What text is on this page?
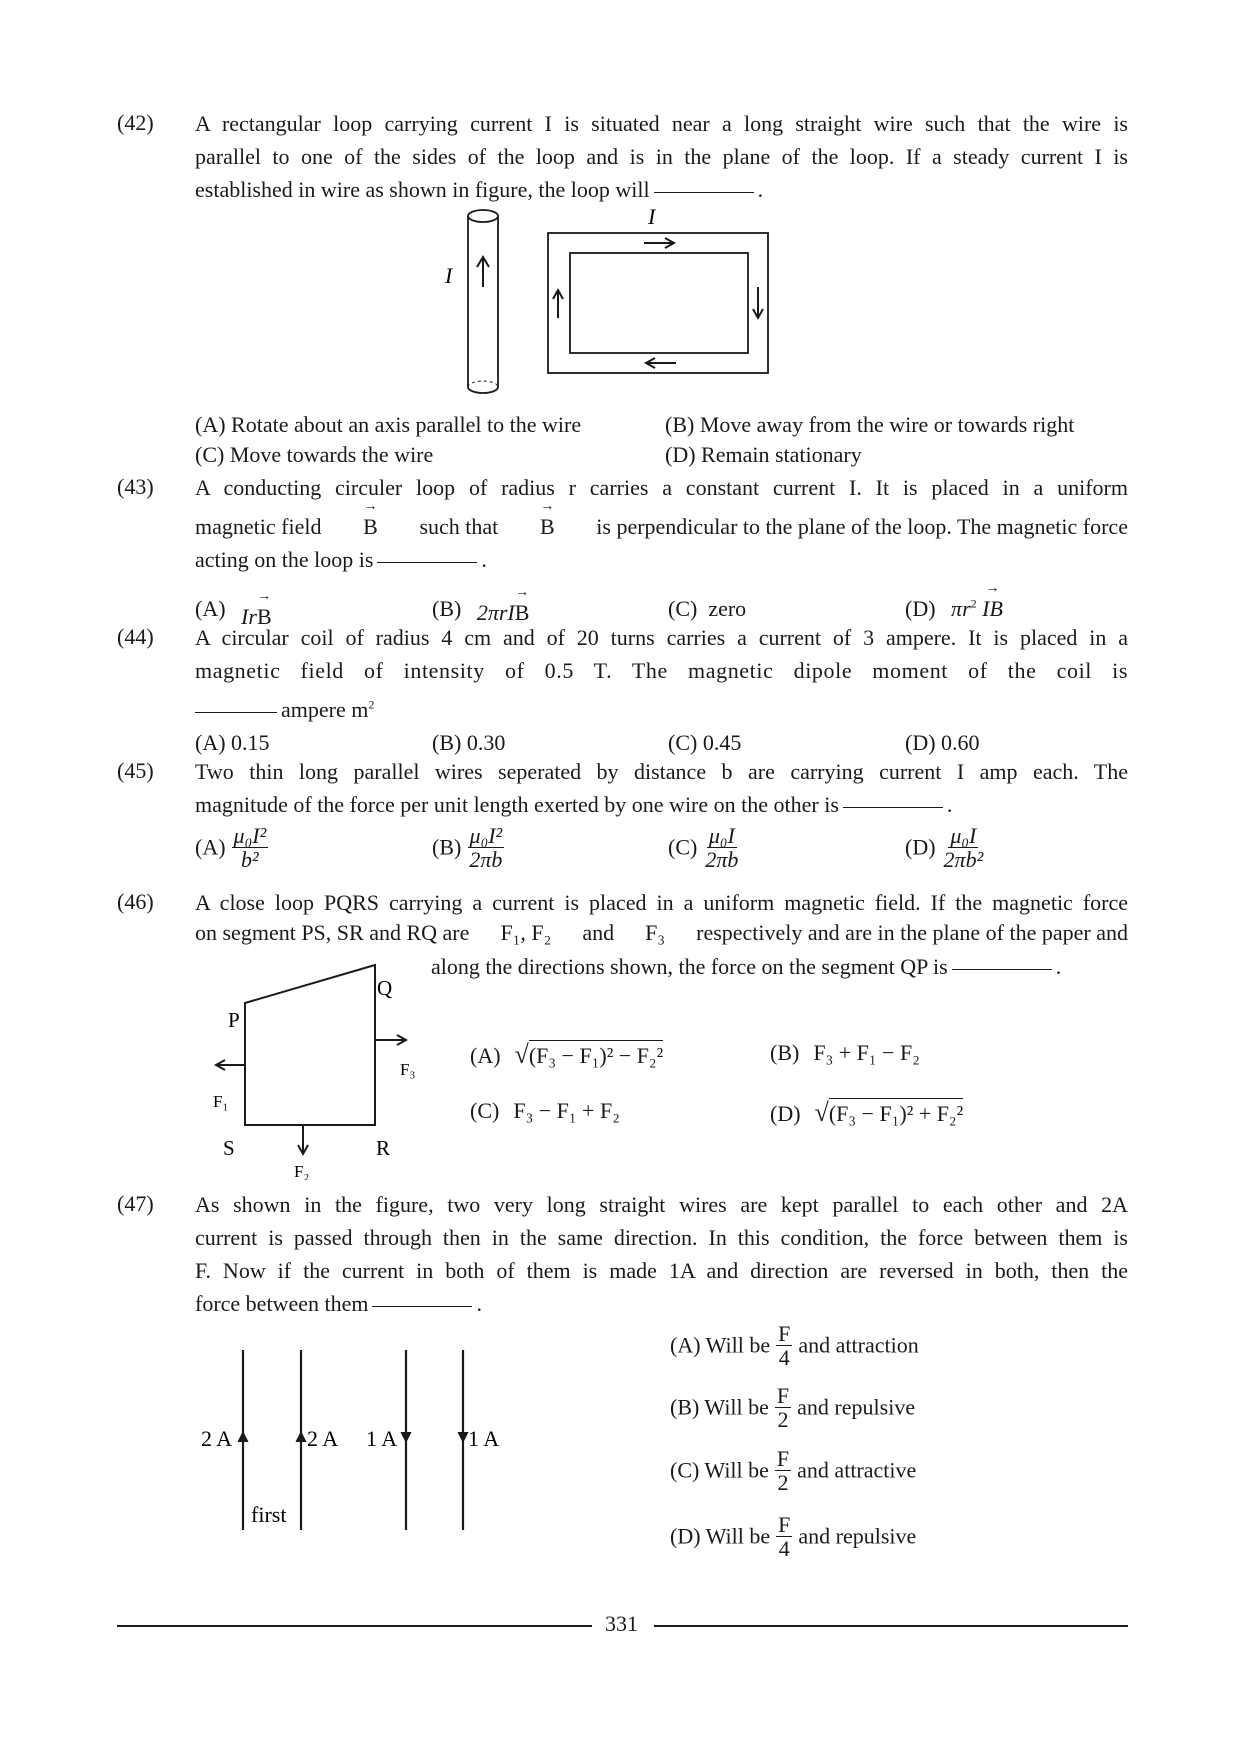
(42) A rectangular loop carrying current I is situated near a long straight wire such that the wire is
parallel to one of the sides of the loop and is in the plane of the loop. If a steady current I is
established in wire as shown in figure, the loop will	.
I
I
(A) Rotate about an axis parallel to the wire	(B) Move away from the wire or towards right
(C) Move towards the wire	(D) Remain stationary
(43) A conducting circuler loop of radius r carries a constant current I. It is placed in a uniform
magnetic field → B such that → B is perpendicular to the plane of the loop. The magnetic force
acting on the loop is	.
(A) Ir→ B	(B) 2πrI→ B	(C) zero	(D) $\pi r^2$ → IB
(44) A circular coil of radius 4 cm and of 20 turns carries a current of 3 ampere. It is placed in a
magnetic field of intensity of 0.5 T. The magnetic dipole moment of the coil is
ampere $m^2$
(A) 0.15	(B) 0.30	(C) 0.45	(D) 0.60
(45) Two thin long parallel wires seperated by distance b are carrying current I amp each. The
magnitude of the force per unit length exerted by one wire on the other is	.
$(A) \frac{\text{μ₀I²}}{\text{b²}}$	$(B) \frac{\text{μ₀I²}}{2\pi b}$	$(C) \frac{\text{μ₀I}}{2\pi b}$	$(D) \frac{\text{μ₀I}}{\text{2πb²}}$
(46) A close loop PQRS carrying a current is placed in a uniform magnetic field. If the magnetic force
on segment PS, SR and RQ are F₁, F₂ and F₃ respectively and are in the plane of the paper and
along the directions shown, the force on the segment QP is	.
Q
P
S	R
F₁
F₃
F₂
(A) √(F₃ − F₁)² − F₂²	(B) F₃ + F₁ − F₂
(C) F₃ − F₁ + F₂	(D) √(F₃ − F₁)² + F₂²
(47) As shown in the figure, two very long straight wires are kept parallel to each other and 2A
current is passed through then in the same direction. In this condition, the force between them is
F. Now if the current in both of them is made 1A and direction are reversed in both, then the
force between them	.
2 A	2 A 1 A	1 A
first
(A) Will be $\frac{F}{4}$ and attraction
(B) Will be $\frac{F}{2}$ and repulsive
(C) Will be $\frac{F}{2}$ and attractive
(D) Will be $\frac{F}{4}$ and repulsive
331
